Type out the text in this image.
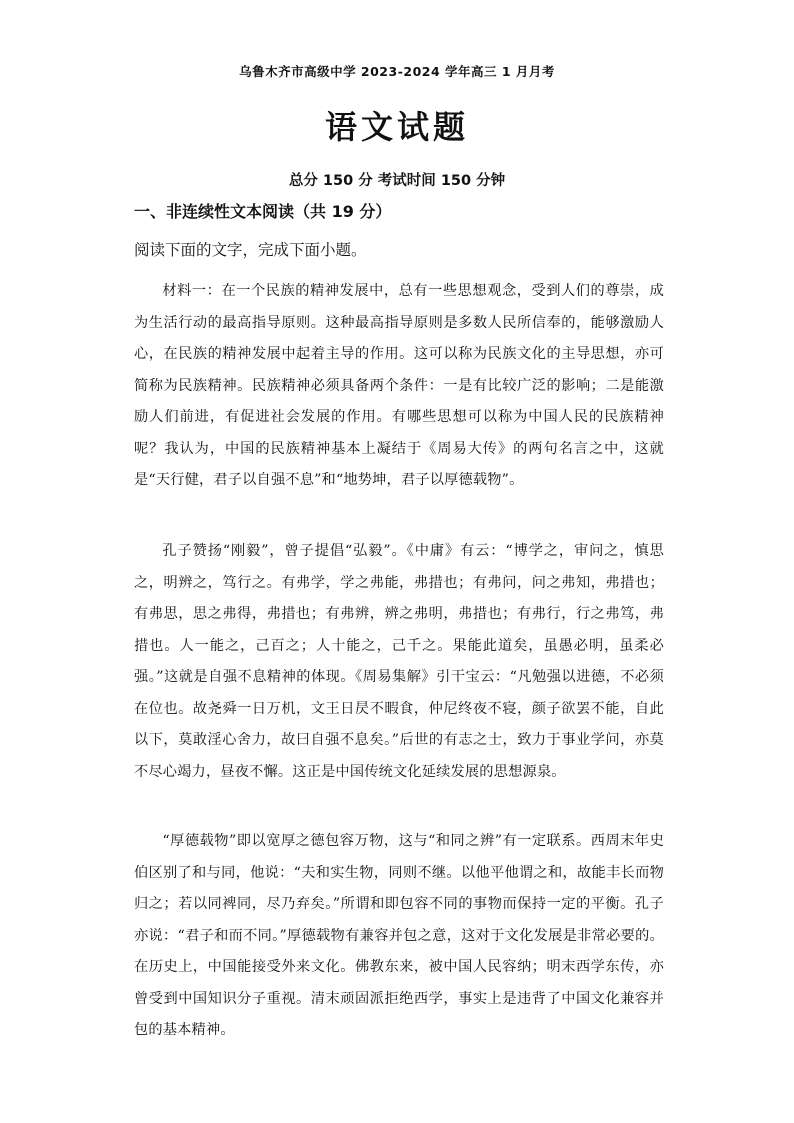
乌鲁木齐市高级中学 2023-2024 学年高三 1 月月考
语文试题
总分 150 分 考试时间 150 分钟
一、非连续性文本阅读（共 19 分）
阅读下面的文字，完成下面小题。

材料一：在一个民族的精神发展中，总有一些思想观念，受到人们的尊崇，成为生活行动的最高指导原则。这种最高指导原则是多数人民所信奉的，能够激励人心，在民族的精神发展中起着主导的作用。这可以称为民族文化的主导思想，亦可简称为民族精神。民族精神必须具备两个条件：一是有比较广泛的影响；二是能激励人们前进，有促进社会发展的作用。有哪些思想可以称为中国人民的民族精神呢？我认为，中国的民族精神基本上凝结于《周易大传》的两句名言之中，这就是“天行健，君子以自强不息”和“地势坤，君子以厚德载物”。

孔子赞扬“刚毅”，曾子提倡“弘毅”。《中庸》有云：“博学之，审问之，慎思之，明辨之，笃行之。有弗学，学之弗能，弗措也；有弗问，问之弗知，弗措也；有弗思，思之弗得，弗措也；有弗辨，辨之弗明，弗措也；有弗行，行之弗笃，弗措也。人一能之，己百之；人十能之，己千之。果能此道矣，虽愚必明，虽柔必强。”这就是自强不息精神的体现。《周易集解》引干宝云：“凡勉强以进德，不必须在位也。故尧舜一日万机，文王日昃不暇食，仲尼终夜不寝，颜子欲罢不能，自此以下，莫敢淫心舍力，故曰自强不息矣。”后世的有志之士，致力于事业学问，亦莫不尽心竭力，昼夜不懈。这正是中国传统文化延续发展的思想源泉。

“厚德载物”即以宽厚之德包容万物，这与“和同之辨”有一定联系。西周末年史伯区别了和与同，他说：“夫和实生物，同则不继。以他平他谓之和，故能丰长而物归之；若以同裨同，尽乃弃矣。”所谓和即包容不同的事物而保持一定的平衡。孔子亦说：“君子和而不同。”厚德载物有兼容并包之意，这对于文化发展是非常必要的。在历史上，中国能接受外来文化。佛教东来，被中国人民容纳；明末西学东传，亦曾受到中国知识分子重视。清末顽固派拒绝西学，事实上是违背了中国文化兼容并包的基本精神。
